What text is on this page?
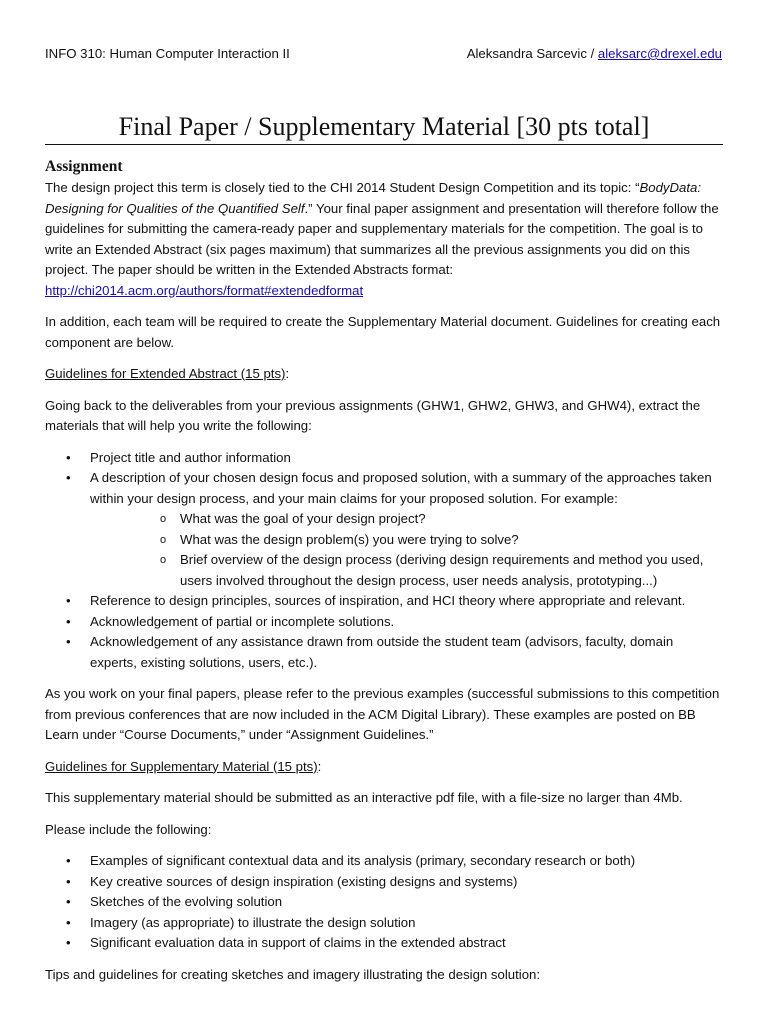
INFO 310: Human Computer Interaction II	Aleksandra Sarcevic / aleksarc@drexel.edu
Final Paper / Supplementary Material [30 pts total]
Assignment

The design project this term is closely tied to the CHI 2014 Student Design Competition and its topic: “BodyData: Designing for Qualities of the Quantified Self.” Your final paper assignment and presentation will therefore follow the guidelines for submitting the camera-ready paper and supplementary materials for the competition. The goal is to write an Extended Abstract (six pages maximum) that summarizes all the previous assignments you did on this project. The paper should be written in the Extended Abstracts format: http://chi2014.acm.org/authors/format#extendedformat

In addition, each team will be required to create the Supplementary Material document. Guidelines for creating each component are below.

Guidelines for Extended Abstract (15 pts):

Going back to the deliverables from your previous assignments (GHW1, GHW2, GHW3, and GHW4), extract the materials that will help you write the following:

• Project title and author information
• A description of your chosen design focus and proposed solution, with a summary of the approaches taken within your design process, and your main claims for your proposed solution. For example:
o What was the goal of your design project?
o What was the design problem(s) you were trying to solve?
o Brief overview of the design process (deriving design requirements and method you used, users involved throughout the design process, user needs analysis, prototyping...)
• Reference to design principles, sources of inspiration, and HCI theory where appropriate and relevant.
• Acknowledgement of partial or incomplete solutions.
• Acknowledgement of any assistance drawn from outside the student team (advisors, faculty, domain experts, existing solutions, users, etc.).

As you work on your final papers, please refer to the previous examples (successful submissions to this competition from previous conferences that are now included in the ACM Digital Library). These examples are posted on BB Learn under “Course Documents,” under “Assignment Guidelines.”

Guidelines for Supplementary Material (15 pts):

This supplementary material should be submitted as an interactive pdf file, with a file-size no larger than 4Mb.

Please include the following:

• Examples of significant contextual data and its analysis (primary, secondary research or both)
• Key creative sources of design inspiration (existing designs and systems)
• Sketches of the evolving solution
• Imagery (as appropriate) to illustrate the design solution
• Significant evaluation data in support of claims in the extended abstract

Tips and guidelines for creating sketches and imagery illustrating the design solution:
